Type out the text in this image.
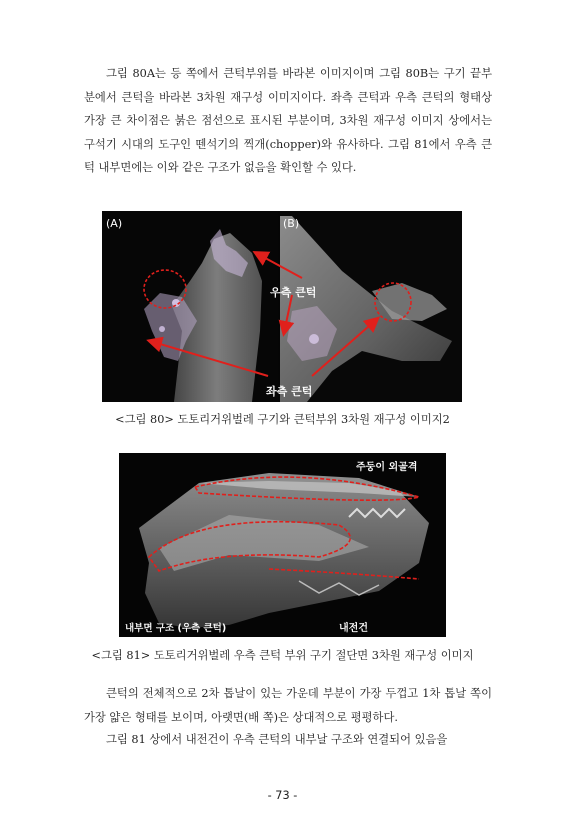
그림 80A는 등 쪽에서 큰턱부위를 바라본 이미지이며 그림 80B는 구기 끝부분에서 큰턱을 바라본 3차원 재구성 이미지이다. 좌측 큰턱과 우측 큰턱의 형태상 가장 큰 차이점은 붉은 점선으로 표시된 부분이며, 3차원 재구성 이미지 상에서는 구석기 시대의 도구인 뗀석기의 찍개(chopper)와 유사하다. 그림 81에서 우측 큰턱 내부면에는 이와 같은 구조가 없음을 확인할 수 있다.

(A)	(B)
우측 큰턱
좌측 큰턱

<그림 80> 도토리거위벌레 구기와 큰턱부위 3차원 재구성 이미지2

주둥이 외골격
내부면 구조 (우측 큰턱)	내전건

<그림 81> 도토리거위벌레 우측 큰턱 부위 구기 절단면 3차원 재구성 이미지

큰턱의 전체적으로 2차 톱날이 있는 가운데 부분이 가장 두껍고 1차 톱날 쪽이 가장 얇은 형태를 보이며, 아랫면(배 쪽)은 상대적으로 평평하다.

그림 81 상에서 내전건이 우측 큰턱의 내부날 구조와 연결되어 있음을

- 73 -
